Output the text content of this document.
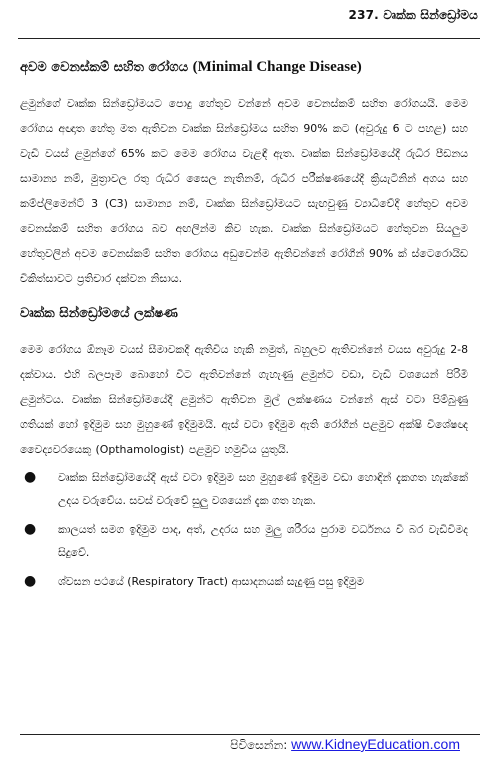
237. වෘක්ක සින්ඩ්‍රෝමය
අවම වෙනස්කම් සහිත රෝගය (Minimal Change Disease)

ළමුන්ගේ වෘක්ක සින්ඩ්‍රෝමයට පොදු හේතුව වන්නේ අවම වෙනස්කම් සහිත රෝගයයි. මෙම රෝගය අඥාත හේතු මත ඇතිවන වෘක්ක සින්ඩ්‍රෝමය සහිත 90% කට (අවුරුදු 6 ට පහළ) සහ වැඩි වයස් ළමුන්ගේ 65% කට මෙම රෝගය වැළඳී ඇත. වෘක්ක සින්ඩ්‍රෝමයේදී රුධිර පීඩනය සාමාන්‍ය නම්, මුත්‍රාවල රතු රුධිර සෛල නැතිනම්, රුධිර පරීක්ෂණයේදී ක්‍රියැටිනින් අගය සහ කම්ප්ලිමෙන්ට් 3 (C3) සාමාන්‍ය නම්, වෘක්ක සින්ඩ්‍රෝමයට සැඟවුණු ව්‍යාධිවේදී හේතුව අවම වෙනස්කම් සහිත රෝගය බව අඟලින්ම කිව හැක. වෘක්ක සින්ඩ්‍රෝමයට හේතුවන සියලුම හේතුවලින් අවම වෙනස්කම් සහිත රෝගය අඩුවෙන්ම ඇතිවන්නේ රෝගීන් 90% ක් ස්ටෙරොයිඩ චිකිත්සාවට ප්‍රතිචාර දක්වන නිසාය.

වෘක්ක සින්ඩ්‍රෝමයේ ලක්ෂණ

මෙම රෝගය ඕනෑම වයස් සීමාවකදී ඇතිවිය හැකි නමුත්, බහුලව ඇතිවන්නේ වයස අවුරුදු 2-8 දක්වාය. එහි බලපෑම බොහෝ විට ඇතිවන්නේ ගැහැණු ළමුන්ට වඩා, වැඩි වශයෙන් පිරිමි ළමුන්ටය. වෘක්ක සින්ඩ්‍රෝමයේදී ළමුන්ට ඇතිවන මුල් ලක්ෂණය වන්නේ ඇස් වටා පිම්බුණු ගතියක් හෝ ඉදිමුම සහ මුහුණේ ඉදිමුමයි. ඇස් වටා ඉදිමුම ඇති රෝගීන් පළමුව අක්ෂි විශේෂඥ වෛද්‍යවරයෙකු (Opthamologist) පළමුව හමුවිය යුතුයි.

● වෘක්ක සින්ඩ්‍රෝමයේදී ඇස් වටා ඉදිමුම සහ මුහුණේ ඉදිමුම වඩා හොඳින් දැකගත හැක්කේ උදය වරුවේය. සවස් වරුවේ සුලු වශයෙන් දැක ගත හැක.
● කාලයත් සමග ඉදිමුම පාද, අත්, උදරය සහ මුලු ශරීරය පුරාම වර්ධනය වී බර වැඩිවීමද සිදුවේ.
● ශ්වසන පථයේ (Respiratory Tract) ආසාදනයක් සැදුණු පසු ඉදිමුම
පිවිසෙන්න: www.KidneyEducation.com
